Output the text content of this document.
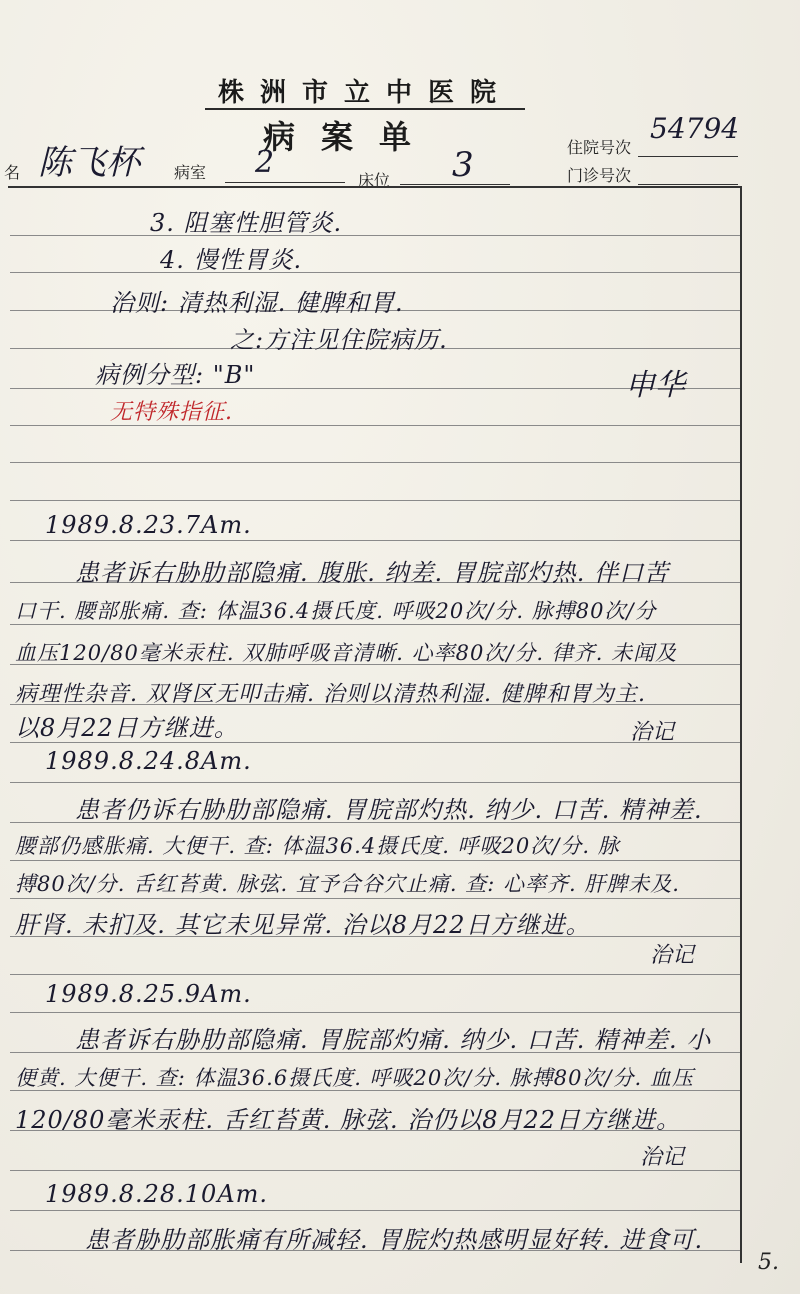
株洲市立中医院
病案单
名 陈飞杯 病室 2
床位 3	住院号次
54794
门诊号次
3. 阻塞性胆管炎.
4. 慢性胃炎.
治则: 清热利湿. 健脾和胃.
之:方注见住院病历.
病例分型: "B"	申华
无特殊指征.
1989.8.23.7Am.
患者诉右胁肋部隐痛. 腹胀. 纳差. 胃脘部灼热. 伴口苦
口干. 腰部胀痛. 查: 体温36.4摄氏度. 呼吸20次/分. 脉搏80次/分
血压120/80毫米汞柱. 双肺呼吸音清晰. 心率80次/分. 律齐. 未闻及
病理性杂音. 双肾区无叩击痛. 治则以清热利湿. 健脾和胃为主.
以8月22日方继进。	治记
1989.8.24.8Am.
患者仍诉右胁肋部隐痛. 胃脘部灼热. 纳少. 口苦. 精神差.
腰部仍感胀痛. 大便干. 查: 体温36.4摄氏度. 呼吸20次/分. 脉
搏80次/分. 舌红苔黄. 脉弦. 宜予合谷穴止痛. 查: 心率齐. 肝脾未及.
肝肾. 未扪及. 其它未见异常. 治以8月22日方继进。
治记
1989.8.25.9Am.
患者诉右胁肋部隐痛. 胃脘部灼痛. 纳少. 口苦. 精神差. 小
便黄. 大便干. 查: 体温36.6摄氏度. 呼吸20次/分. 脉搏80次/分. 血压
120/80毫米汞柱. 舌红苔黄. 脉弦. 治仍以8月22日方继进。
治记
1989.8.28.10Am.
患者胁肋部胀痛有所减轻. 胃脘灼热感明显好转. 进食可.
5.
